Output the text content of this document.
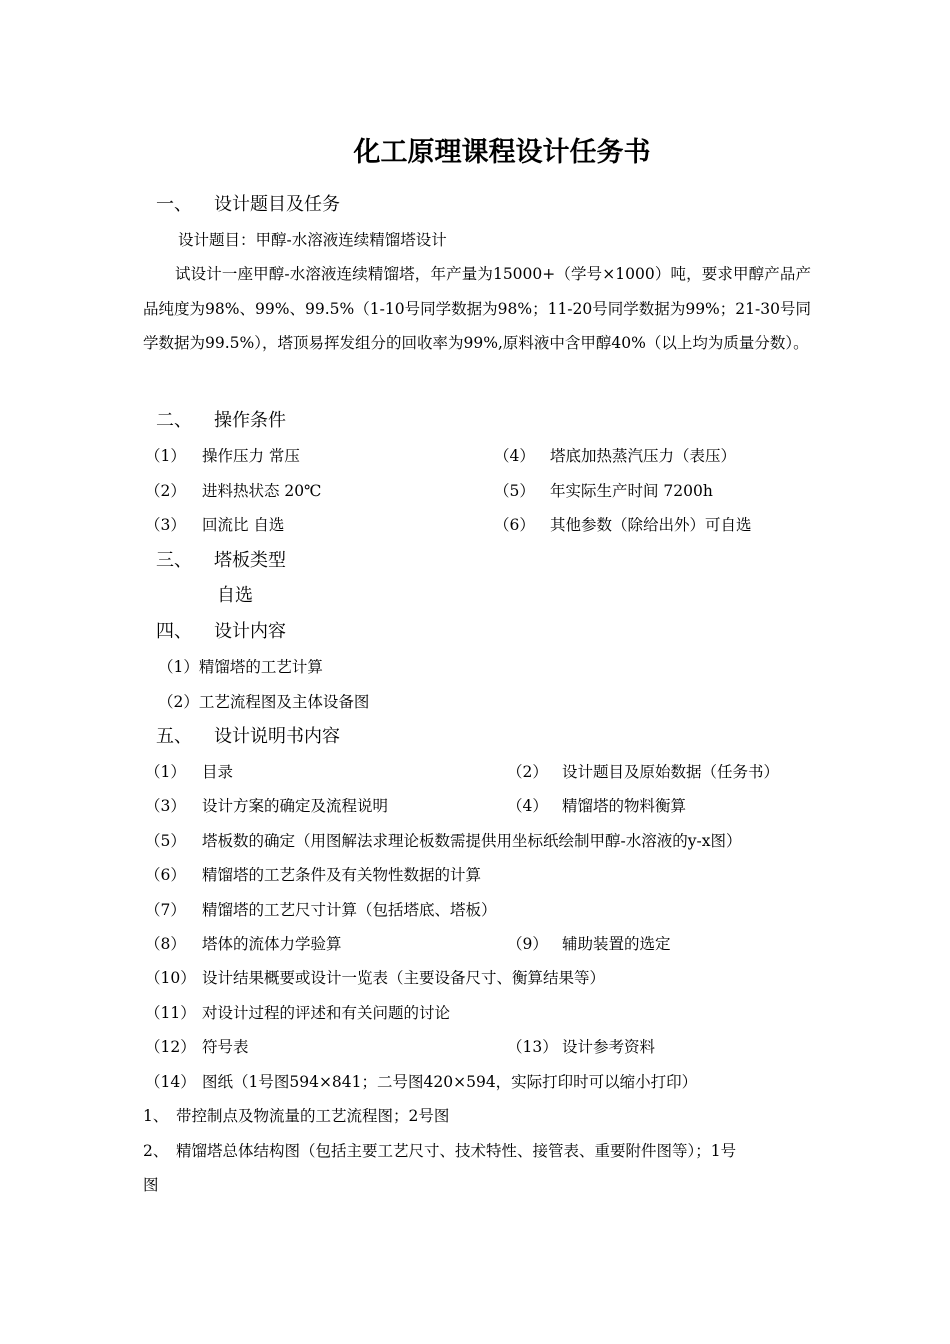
化工原理课程设计任务书
一、 设计题目及任务
设计题目：甲醇-水溶液连续精馏塔设计
试设计一座甲醇-水溶液连续精馏塔，年产量为15000+（学号×1000）吨，要求甲醇产品产品纯度为98%、99%、99.5%（1-10号同学数据为98%；11-20号同学数据为99%；21-30号同学数据为99.5%），塔顶易挥发组分的回收率为99%,原料液中含甲醇40%（以上均为质量分数）。
二、 操作条件
（1） 操作压力 常压	（4） 塔底加热蒸汽压力（表压）
（2） 进料热状态 20℃	（5） 年实际生产时间 7200h
（3） 回流比 自选	（6） 其他参数（除给出外）可自选
三、 塔板类型
自选
四、 设计内容
（1）精馏塔的工艺计算
（2）工艺流程图及主体设备图
五、 设计说明书内容
（1） 目录	（2） 设计题目及原始数据（任务书）
（3） 设计方案的确定及流程说明	（4） 精馏塔的物料衡算
（5） 塔板数的确定（用图解法求理论板数需提供用坐标纸绘制甲醇-水溶液的y-x图）
（6） 精馏塔的工艺条件及有关物性数据的计算
（7） 精馏塔的工艺尺寸计算（包括塔底、塔板）
（8） 塔体的流体力学验算	（9） 辅助装置的选定
（10） 设计结果概要或设计一览表（主要设备尺寸、衡算结果等）
（11） 对设计过程的评述和有关问题的讨论
（12） 符号表	（13） 设计参考资料
（14） 图纸（1号图594×841；二号图420×594，实际打印时可以缩小打印）
1、 带控制点及物流量的工艺流程图；2号图
2、 精馏塔总体结构图（包括主要工艺尺寸、技术特性、接管表、重要附件图等）；1号
图
